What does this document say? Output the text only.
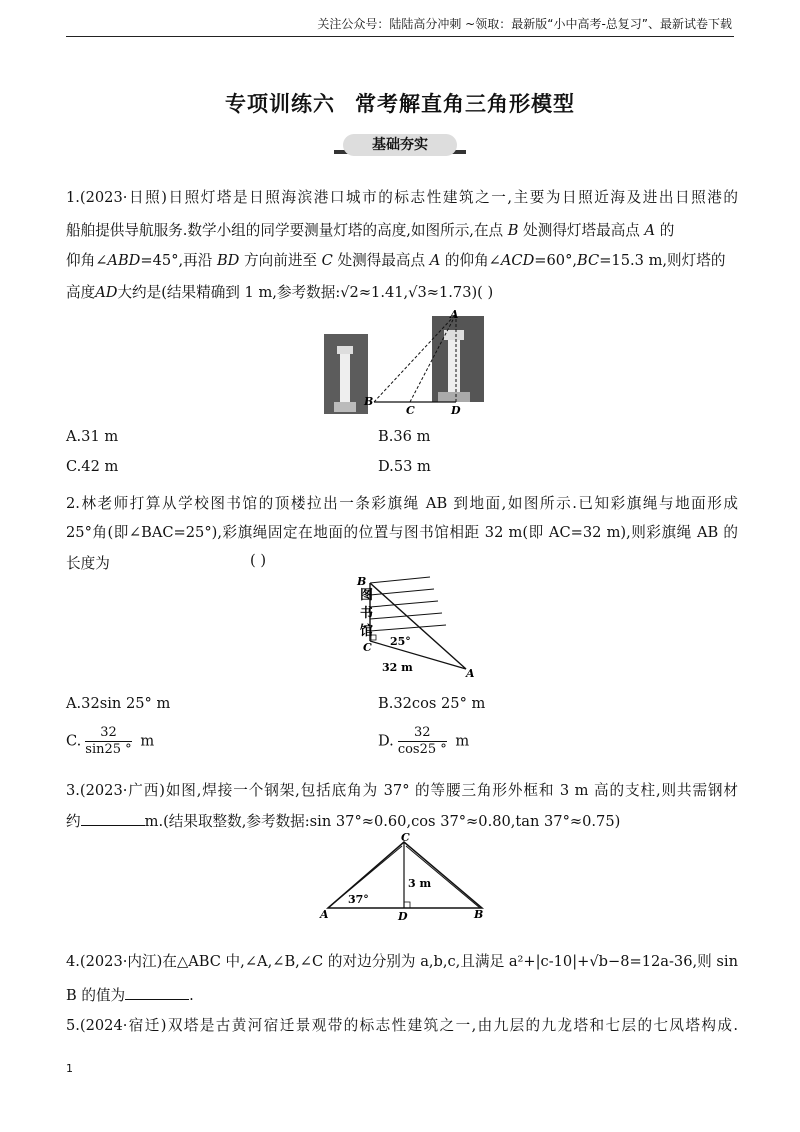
关注公众号：陆陆高分冲刺 ~领取：最新版“小中高考-总复习”、最新试卷下载
专项训练六 常考解直角三角形模型
基础夯实
1.(2023·日照)日照灯塔是日照海滨港口城市的标志性建筑之一,主要为日照近海及进出日照港的
船舶提供导航服务.数学小组的同学要测量灯塔的高度,如图所示,在点 B 处测得灯塔最高点 A 的
仰角∠ABD=45°,再沿 BD 方向前进至 C 处测得最高点 A 的仰角∠ACD=60°,BC=15.3 m,则灯塔的
高度AD大约是(结果精确到 1 m,参考数据:√2≈1.41,√3≈1.73)( )
A
B
C	D
A.31 m	B.36 m
C.42 m	D.53 m
2.林老师打算从学校图书馆的顶楼拉出一条彩旗绳 AB 到地面,如图所示.已知彩旗绳与地面形成
25°角(即∠BAC=25°),彩旗绳固定在地面的位置与图书馆相距 32 m(即 AC=32 m),则彩旗绳 AB 的
长度为	( )
图
书
馆
B
C
A
25°
32 m
A.32sin 25° m	B.32cos 25° m
C. $\frac{32}{\sin 25 ^\circ}$ m	D. $\frac{32}{\cos 25 ^\circ}$ m
3.(2023·广西)如图,焊接一个钢架,包括底角为 37° 的等腰三角形外框和 3 m 高的支柱,则共需钢材
约	m.(结果取整数,参考数据:sin 37°≈0.60,cos 37°≈0.80,tan 37°≈0.75)
C
A	D	B
37°
3 m
4.(2023·内江)在△ABC 中,∠A,∠B,∠C 的对边分别为 a,b,c,且满足 a²+|c-10|+√b−8=12a-36,则 sin
B 的值为	.
5.(2024·宿迁)双塔是古黄河宿迁景观带的标志性建筑之一,由九层的九龙塔和七层的七凤塔构成.
1
